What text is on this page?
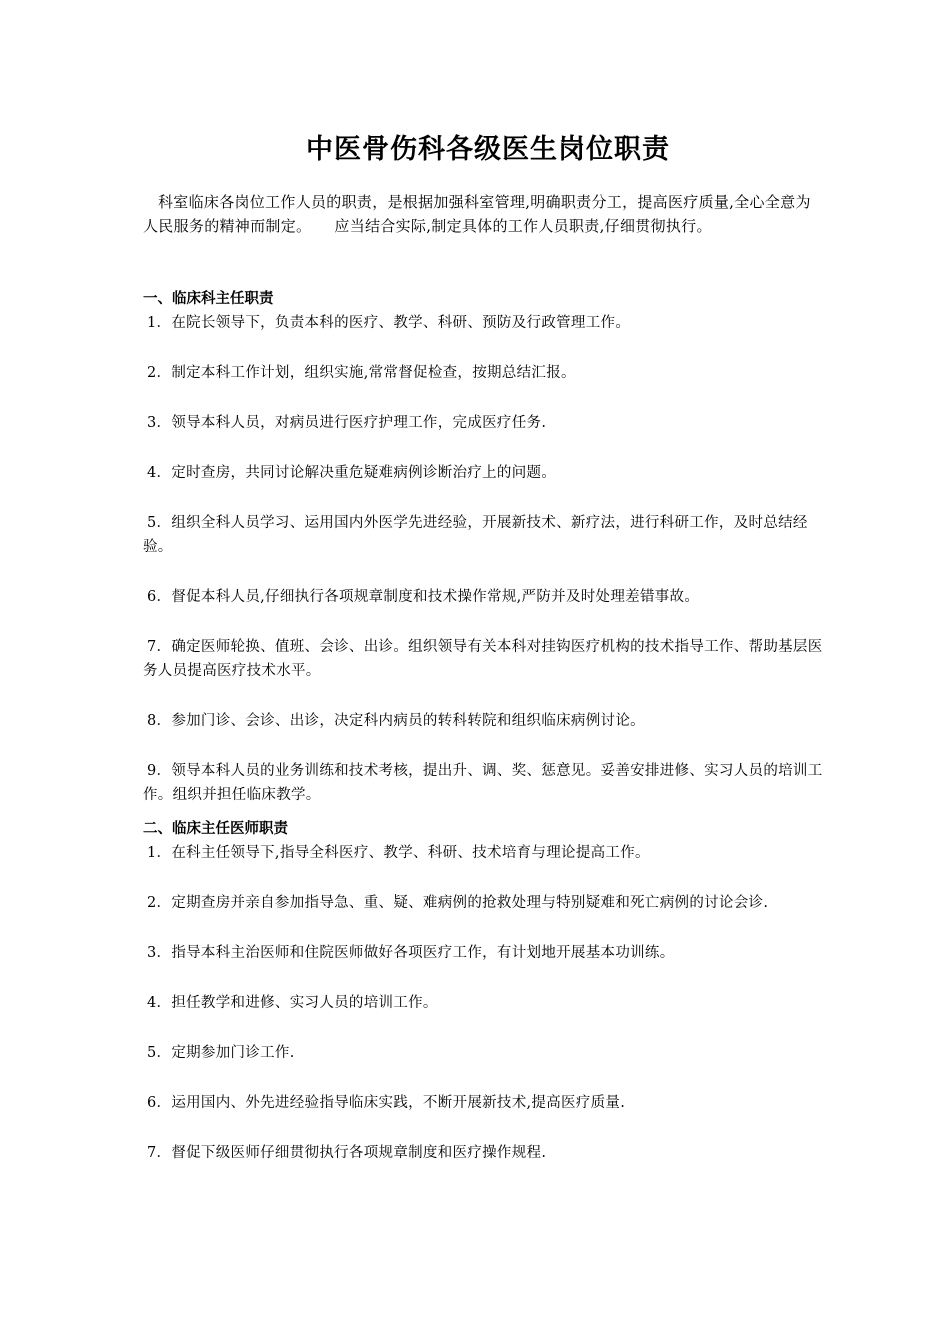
中医骨伤科各级医生岗位职责

科室临床各岗位工作人员的职责，是根据加强科室管理,明确职责分工，提高医疗质量,全心全意为人民服务的精神而制定。　　应当结合实际,制定具体的工作人员职责,仔细贯彻执行。

一、临床科主任职责
1．在院长领导下，负责本科的医疗、教学、科研、预防及行政管理工作。
2．制定本科工作计划，组织实施,常常督促检查，按期总结汇报。
3．领导本科人员，对病员进行医疗护理工作，完成医疗任务.
4．定时查房，共同讨论解决重危疑难病例诊断治疗上的问题。
5．组织全科人员学习、运用国内外医学先进经验，开展新技术、新疗法，进行科研工作，及时总结经验。
6．督促本科人员,仔细执行各项规章制度和技术操作常规,严防并及时处理差错事故。
7．确定医师轮换、值班、会诊、出诊。组织领导有关本科对挂钩医疗机构的技术指导工作、帮助基层医务人员提高医疗技术水平。
8．参加门诊、会诊、出诊，决定科内病员的转科转院和组织临床病例讨论。
9．领导本科人员的业务训练和技术考核，提出升、调、奖、惩意见。妥善安排进修、实习人员的培训工作。组织并担任临床教学。
二、临床主任医师职责
1．在科主任领导下,指导全科医疗、教学、科研、技术培育与理论提高工作。
2．定期查房并亲自参加指导急、重、疑、难病例的抢救处理与特别疑难和死亡病例的讨论会诊.
3．指导本科主治医师和住院医师做好各项医疗工作，有计划地开展基本功训练。
4．担任教学和进修、实习人员的培训工作。
5．定期参加门诊工作.
6．运用国内、外先进经验指导临床实践，不断开展新技术,提高医疗质量.
7．督促下级医师仔细贯彻执行各项规章制度和医疗操作规程.
